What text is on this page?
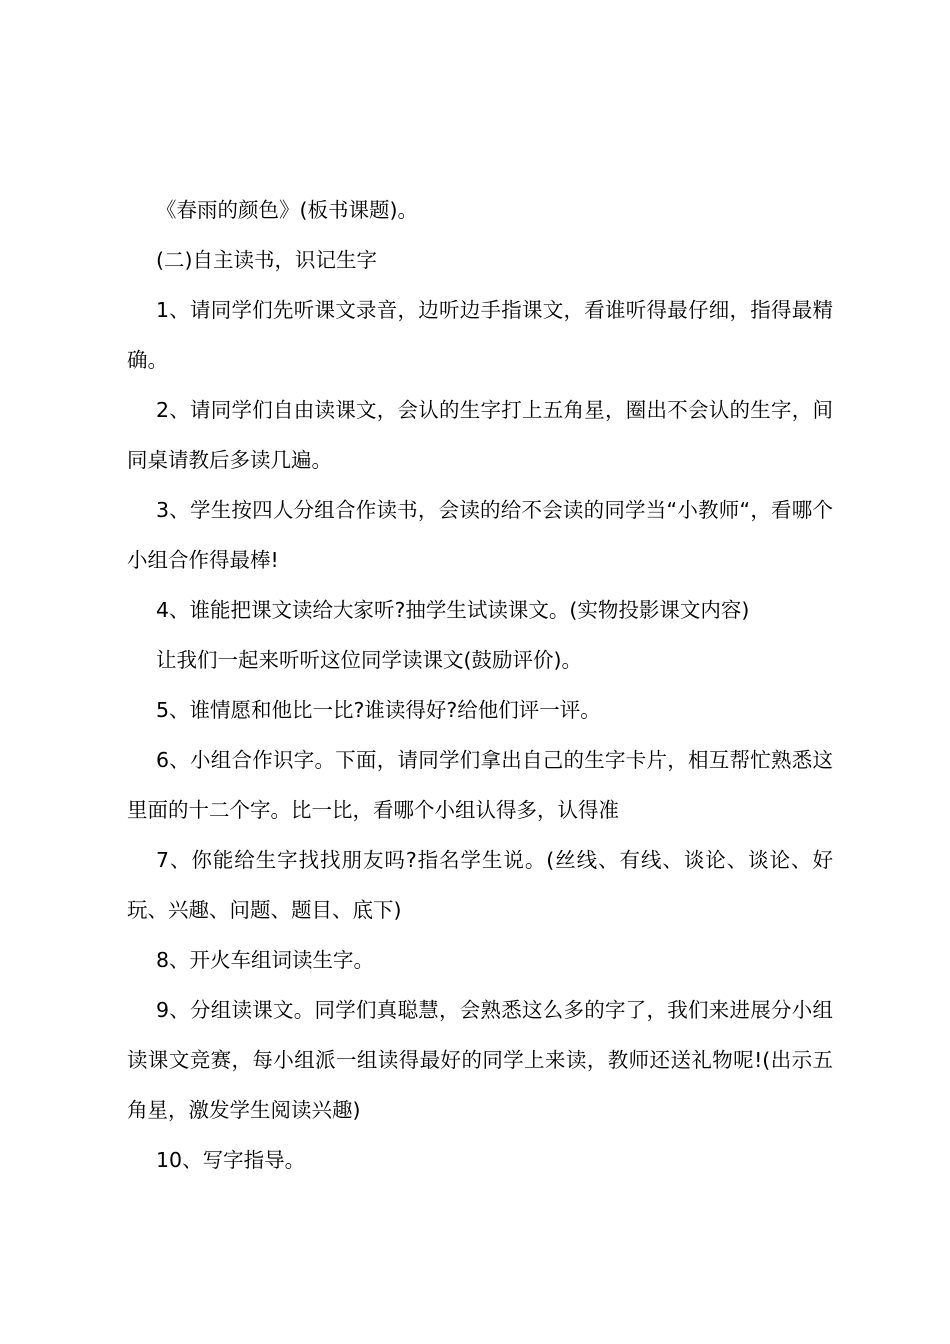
《春雨的颜色》(板书课题)。

(二)自主读书，识记生字

1、请同学们先听课文录音，边听边手指课文，看谁听得最仔细，指得最精确。

2、请同学们自由读课文，会认的生字打上五角星，圈出不会认的生字，间同桌请教后多读几遍。

3、学生按四人分组合作读书，会读的给不会读的同学当“小教师“，看哪个小组合作得最棒!

4、谁能把课文读给大家听?抽学生试读课文。(实物投影课文内容)

让我们一起来听听这位同学读课文(鼓励评价)。

5、谁情愿和他比一比?谁读得好?给他们评一评。

6、小组合作识字。下面，请同学们拿出自己的生字卡片，相互帮忙熟悉这里面的十二个字。比一比，看哪个小组认得多，认得准

7、你能给生字找找朋友吗?指名学生说。(丝线、有线、谈论、谈论、好玩、兴趣、问题、题目、底下)

8、开火车组词读生字。

9、分组读课文。同学们真聪慧，会熟悉这么多的字了，我们来进展分小组读课文竞赛，每小组派一组读得最好的同学上来读，教师还送礼物呢!(出示五角星，激发学生阅读兴趣)

10、写字指导。
